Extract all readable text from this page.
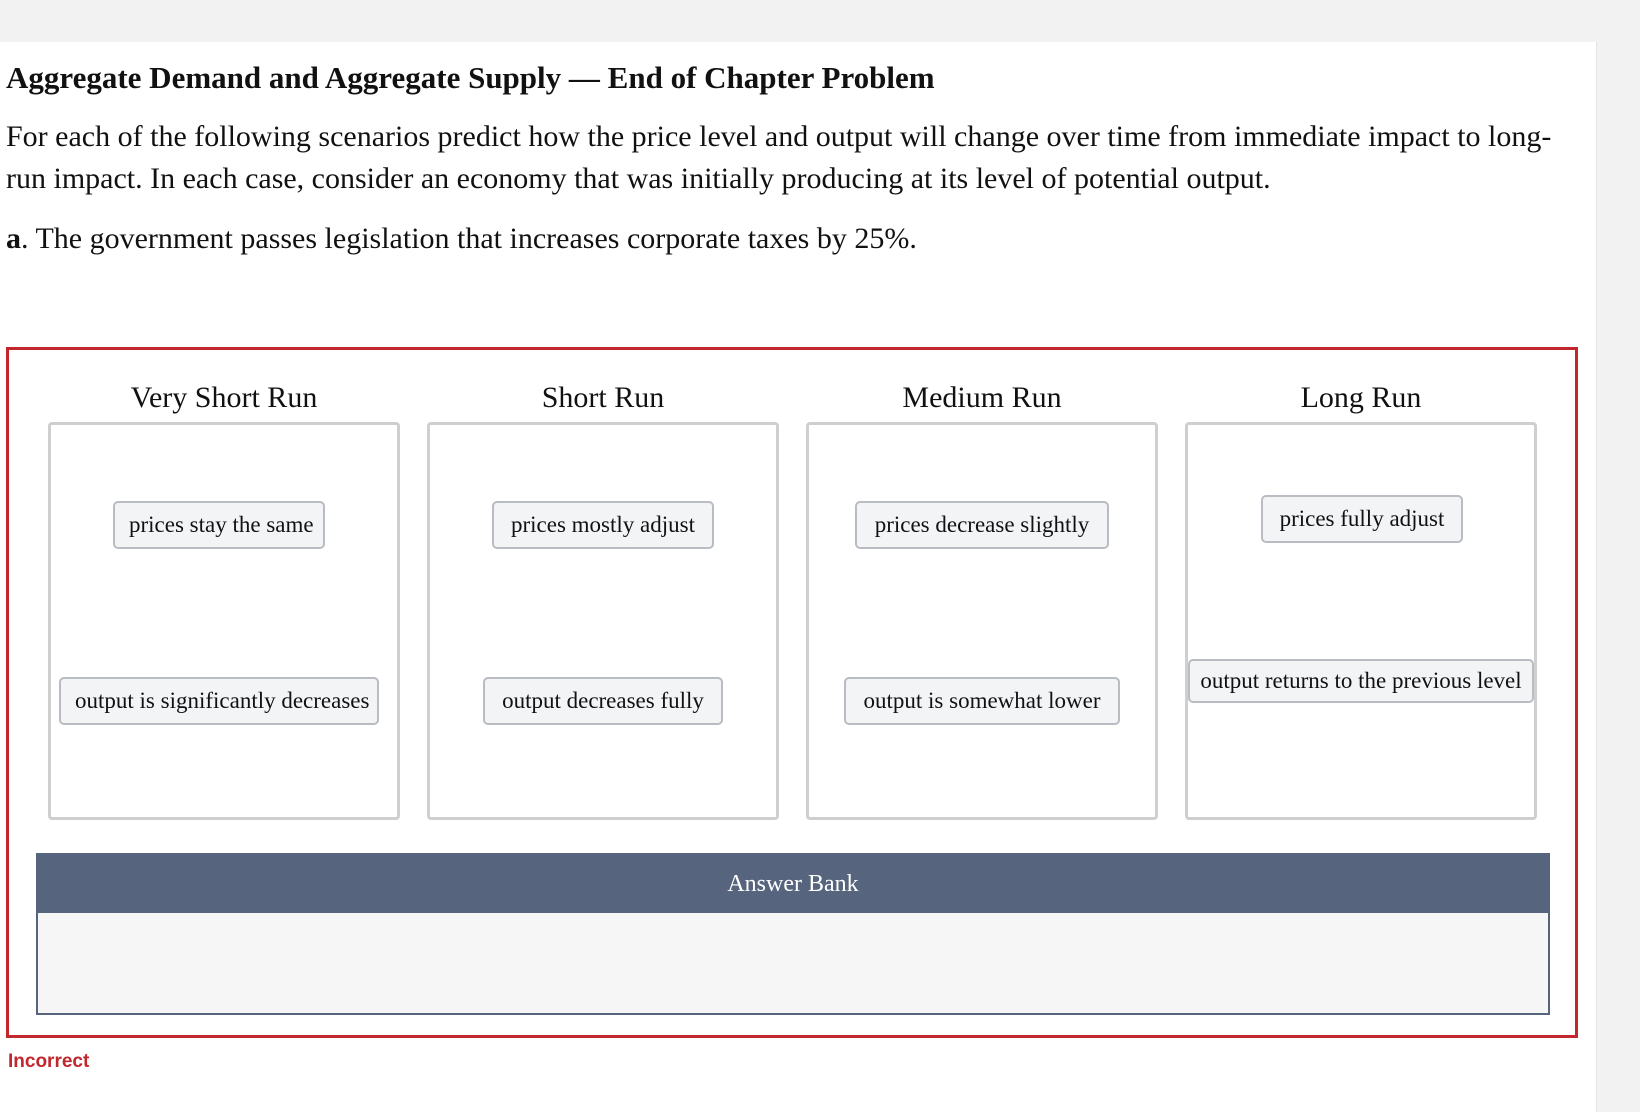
Aggregate Demand and Aggregate Supply — End of Chapter Problem

For each of the following scenarios predict how the price level and output will change over time from immediate impact to long-run impact. In each case, consider an economy that was initially producing at its level of potential output.

a. The government passes legislation that increases corporate taxes by 25%.

Very Short Run
prices stay the same
output is significantly decreases
Short Run
prices mostly adjust
output decreases fully
Medium Run
prices decrease slightly
output is somewhat lower
Long Run
prices fully adjust
output returns to the previous level
Answer Bank
Incorrect
